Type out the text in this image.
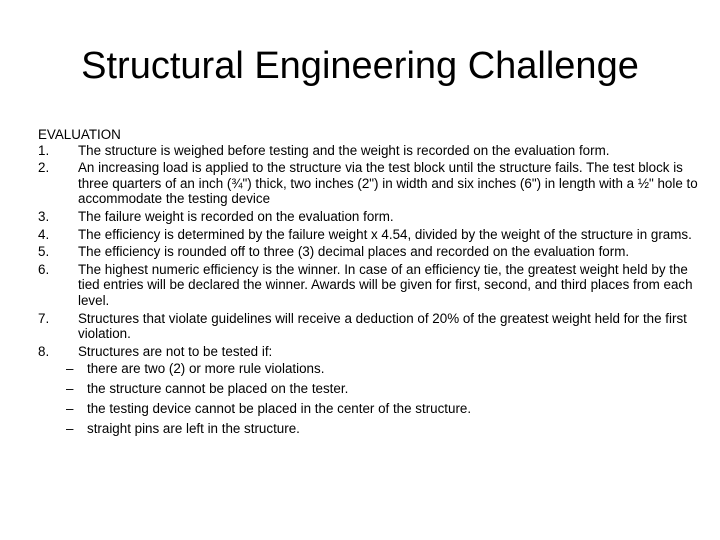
Structural Engineering Challenge

EVALUATION

1.	The structure is weighed before testing and the weight is recorded on the evaluation form.
2.	An increasing load is applied to the structure via the test block until the structure fails. The test block is three quarters of an inch (¾") thick, two inches (2") in width and six inches (6") in length with a ½" hole to accommodate the testing device
3.	The failure weight is recorded on the evaluation form.
4.	The efficiency is determined by the failure weight x 4.54, divided by the weight of the structure in grams.
5.	The efficiency is rounded off to three (3) decimal places and recorded on the evaluation form.
6.	The highest numeric efficiency is the winner. In case of an efficiency tie, the greatest weight held by the tied entries will be declared the winner. Awards will be given for first, second, and third places from each level.
7.	Structures that violate guidelines will receive a deduction of 20% of the greatest weight held for the first violation.
8.	Structures are not to be tested if:
–	there are two (2) or more rule violations.
–	the structure cannot be placed on the tester.
–	the testing device cannot be placed in the center of the structure.
–	straight pins are left in the structure.
